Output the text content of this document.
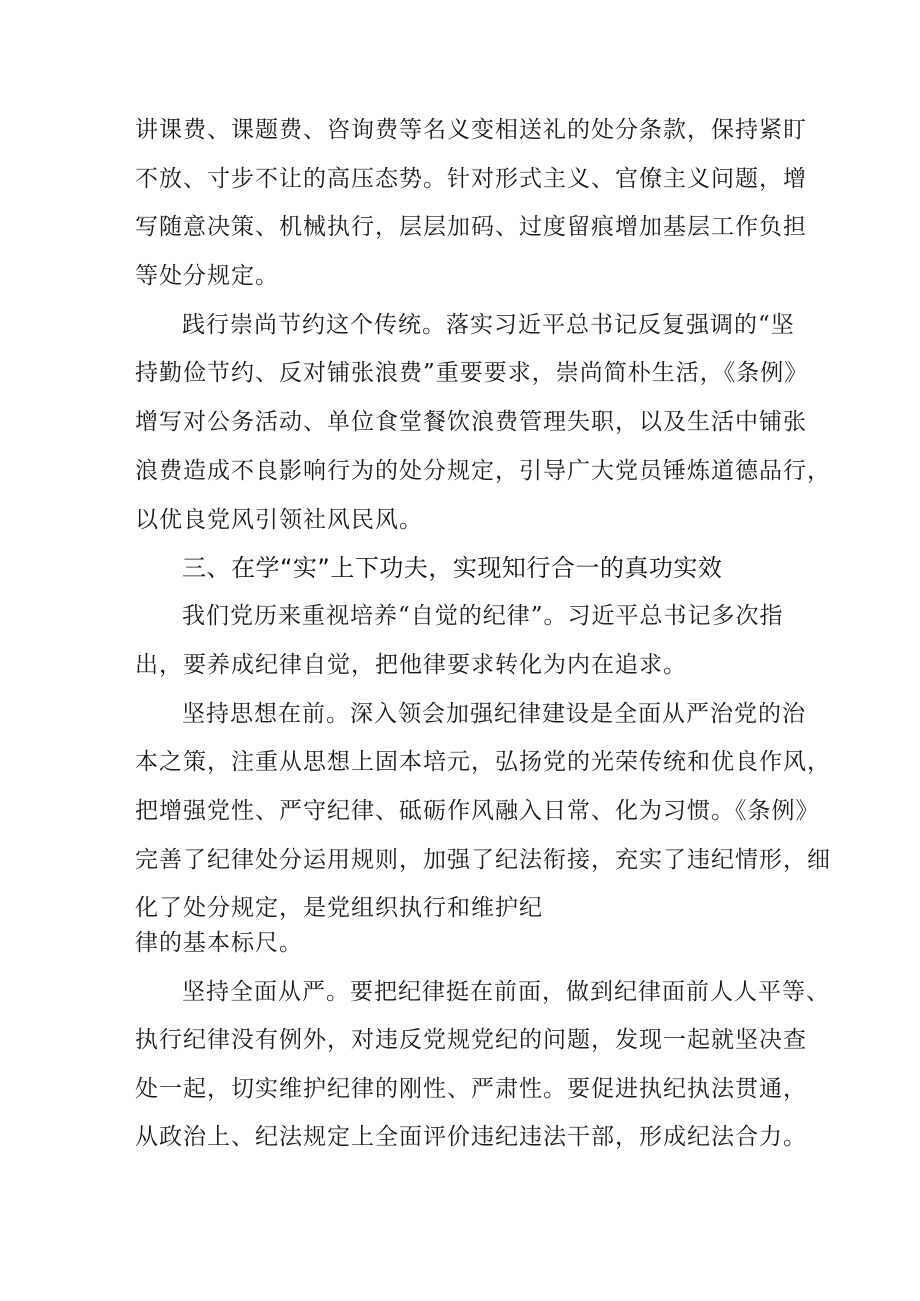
讲课费、课题费、咨询费等名义变相送礼的处分条款，保持紧盯
不放、寸步不让的高压态势。针对形式主义、官僚主义问题，增
写随意决策、机械执行，层层加码、过度留痕增加基层工作负担
等处分规定。
践行崇尚节约这个传统。落实习近平总书记反复强调的“坚
持勤俭节约、反对铺张浪费”重要要求，崇尚简朴生活，《条例》
增写对公务活动、单位食堂餐饮浪费管理失职，以及生活中铺张
浪费造成不良影响行为的处分规定，引导广大党员锤炼道德品行，
以优良党风引领社风民风。
三、在学“实”上下功夫，实现知行合一的真功实效
我们党历来重视培养“自觉的纪律”。习近平总书记多次指
出，要养成纪律自觉，把他律要求转化为内在追求。
坚持思想在前。深入领会加强纪律建设是全面从严治党的治
本之策，注重从思想上固本培元，弘扬党的光荣传统和优良作风，
把增强党性、严守纪律、砥砺作风融入日常、化为习惯。《条例》
完善了纪律处分运用规则，加强了纪法衔接，充实了违纪情形，细
化了处分规定，是党组织执行和维护纪
律的基本标尺。
坚持全面从严。要把纪律挺在前面，做到纪律面前人人平等、
执行纪律没有例外，对违反党规党纪的问题，发现一起就坚决查
处一起，切实维护纪律的刚性、严肃性。要促进执纪执法贯通，
从政治上、纪法规定上全面评价违纪违法干部，形成纪法合力。
